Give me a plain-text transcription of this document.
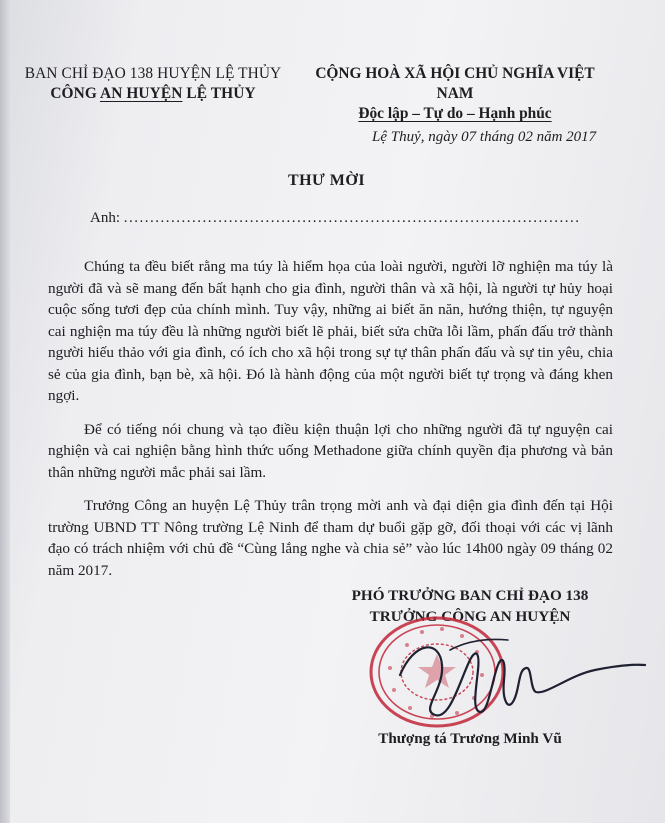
BAN CHỈ ĐẠO 138 HUYỆN LỆ THỦY
CÔNG AN HUYỆN LỆ THỦY
CỘNG HOÀ XÃ HỘI CHỦ NGHĨA VIỆT NAM
Độc lập – Tự do – Hạnh phúc
Lệ Thuỷ, ngày 07 tháng 02 năm 2017
THƯ MỜI
Anh: .......................................................................................

Chúng ta đều biết rằng ma túy là hiểm họa của loài người, người lỡ nghiện ma túy là người đã và sẽ mang đến bất hạnh cho gia đình, người thân và xã hội, là người tự hủy hoại cuộc sống tươi đẹp của chính mình. Tuy vậy, những ai biết ăn năn, hướng thiện, tự nguyện cai nghiện ma túy đều là những người biết lẽ phải, biết sửa chữa lỗi lầm, phấn đấu trở thành người hiếu thảo với gia đình, có ích cho xã hội trong sự tự thân phấn đấu và sự tin yêu, chia sẻ của gia đình, bạn bè, xã hội. Đó là hành động của một người biết tự trọng và đáng khen ngợi.

Để có tiếng nói chung và tạo điều kiện thuận lợi cho những người đã tự nguyện cai nghiện và cai nghiện bằng hình thức uống Methadone giữa chính quyền địa phương và bản thân những người mắc phải sai lầm.

Trưởng Công an huyện Lệ Thủy trân trọng mời anh và đại diện gia đình đến tại Hội trường UBND TT Nông trường Lệ Ninh để tham dự buổi gặp gỡ, đối thoại với các vị lãnh đạo có trách nhiệm với chủ đề “Cùng lắng nghe và chia sẻ” vào lúc 14h00 ngày 09 tháng 02 năm 2017.

PHÓ TRƯỞNG BAN CHỈ ĐẠO 138
TRƯỞNG CÔNG AN HUYỆN
Thượng tá Trương Minh Vũ
